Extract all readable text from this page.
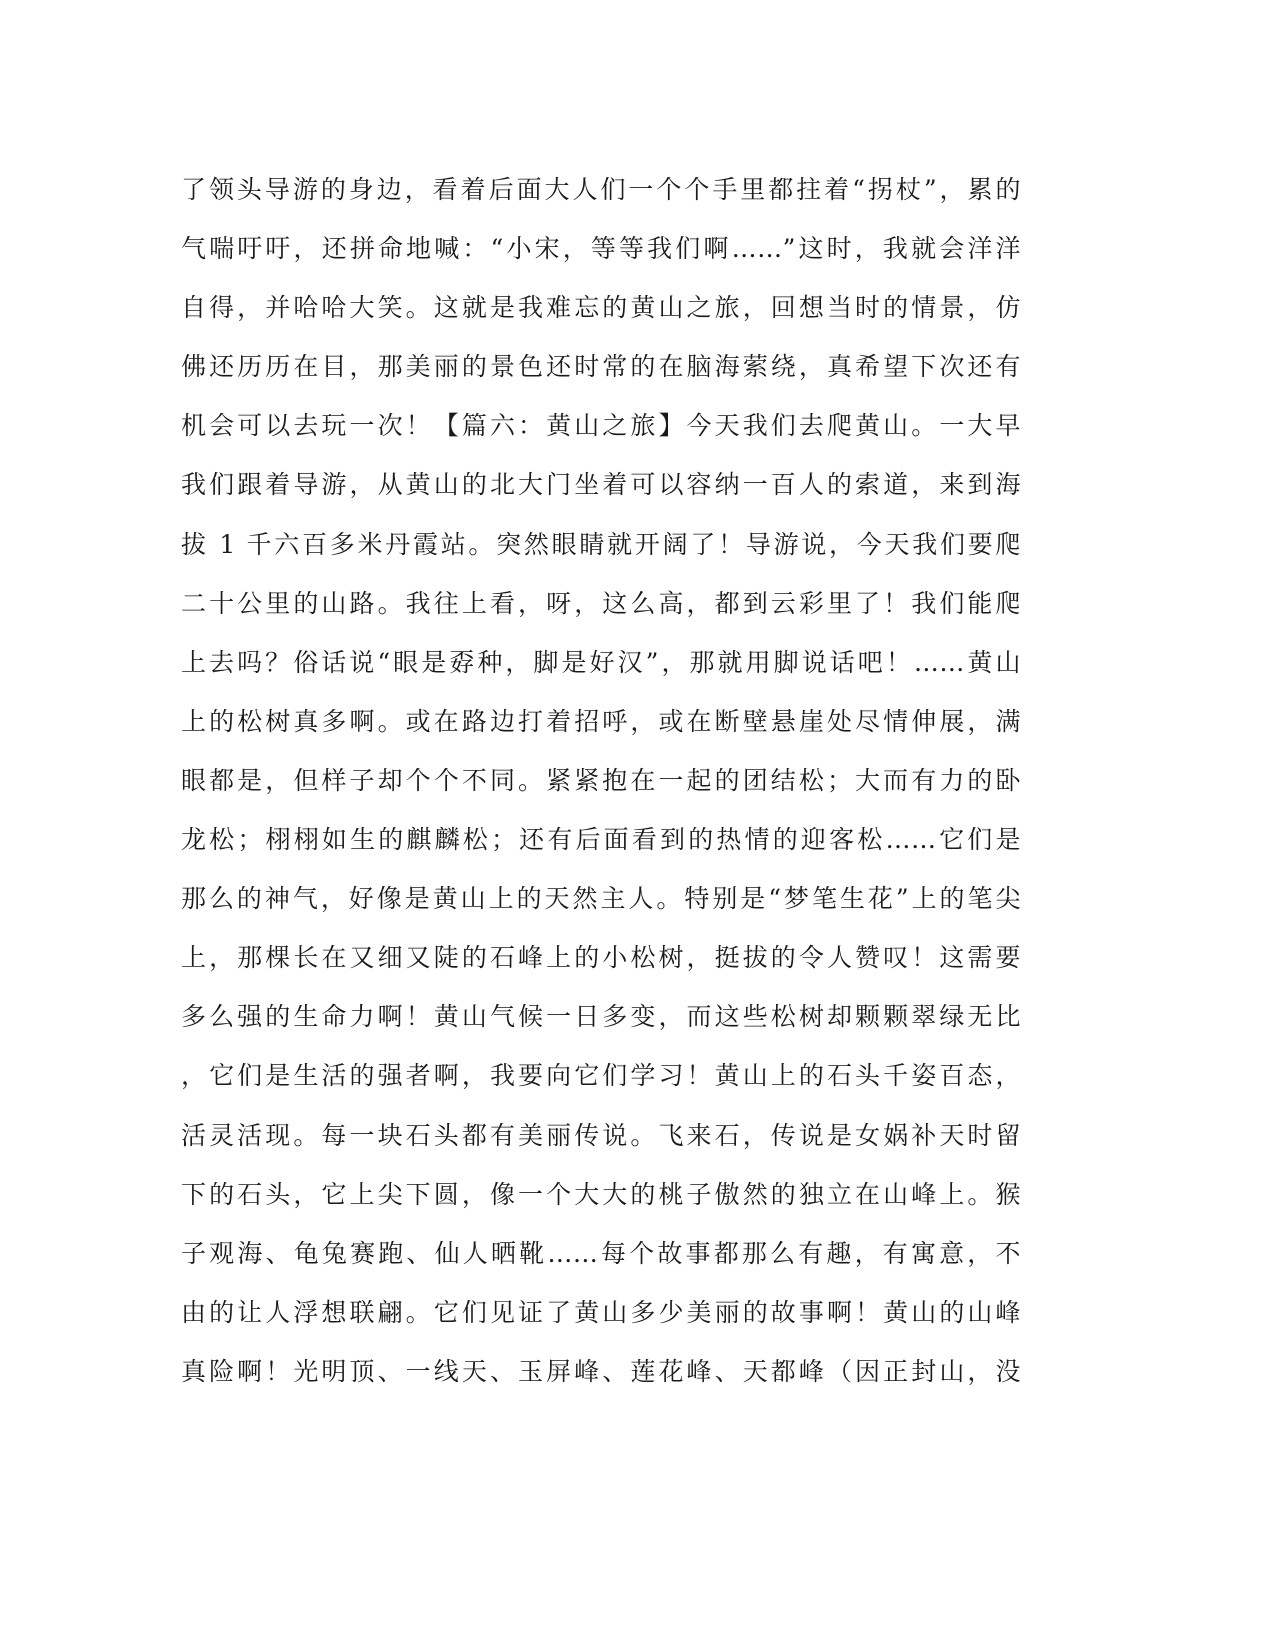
了领头导游的身边，看着后面大人们一个个手里都拄着“拐杖”，累的
气喘吁吁，还拼命地喊：“小宋，等等我们啊……”这时，我就会洋洋
自得，并哈哈大笑。这就是我难忘的黄山之旅，回想当时的情景，仿
佛还历历在目，那美丽的景色还时常的在脑海萦绕，真希望下次还有
机会可以去玩一次！【篇六：黄山之旅】今天我们去爬黄山。一大早
我们跟着导游，从黄山的北大门坐着可以容纳一百人的索道，来到海
拔 1 千六百多米丹霞站。突然眼睛就开阔了！导游说，今天我们要爬
二十公里的山路。我往上看，呀，这么高，都到云彩里了！我们能爬
上去吗？俗话说“眼是孬种，脚是好汉”，那就用脚说话吧！……黄山
上的松树真多啊。或在路边打着招呼，或在断壁悬崖处尽情伸展，满
眼都是，但样子却个个不同。紧紧抱在一起的团结松；大而有力的卧
龙松；栩栩如生的麒麟松；还有后面看到的热情的迎客松……它们是
那么的神气，好像是黄山上的天然主人。特别是“梦笔生花”上的笔尖
上，那棵长在又细又陡的石峰上的小松树，挺拔的令人赞叹！这需要
多么强的生命力啊！黄山气候一日多变，而这些松树却颗颗翠绿无比
，它们是生活的强者啊，我要向它们学习！黄山上的石头千姿百态，
活灵活现。每一块石头都有美丽传说。飞来石，传说是女娲补天时留
下的石头，它上尖下圆，像一个大大的桃子傲然的独立在山峰上。猴
子观海、龟兔赛跑、仙人晒靴……每个故事都那么有趣，有寓意，不
由的让人浮想联翩。它们见证了黄山多少美丽的故事啊！黄山的山峰
真险啊！光明顶、一线天、玉屏峰、莲花峰、天都峰（因正封山，没
